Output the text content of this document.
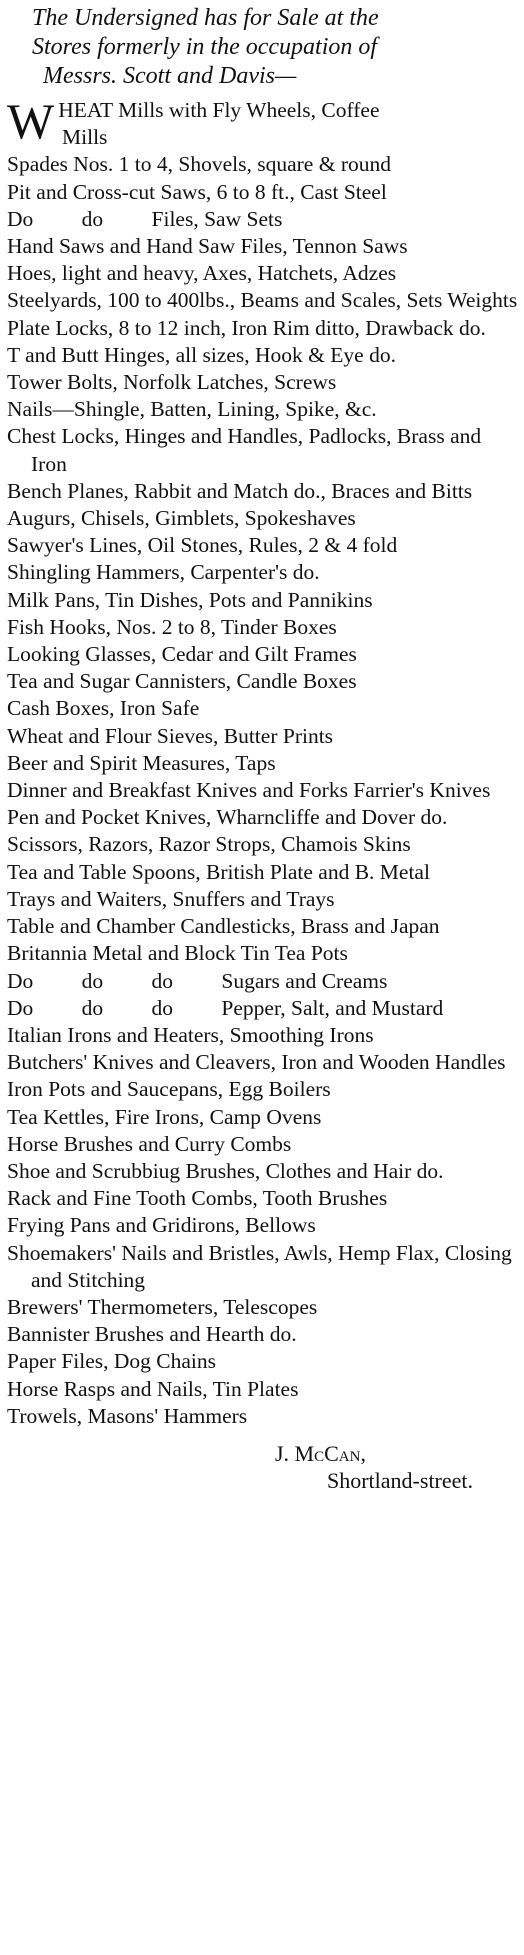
The Undersigned has for Sale at the
Stores formerly in the occupation of
Messrs. Scott and Davis—
W HEAT Mills with Fly Wheels, Coffee
Mills
Spades Nos. 1 to 4, Shovels, square & round
Pit and Cross-cut Saws, 6 to 8 ft., Cast Steel
Do         do         Files, Saw Sets
Hand Saws and Hand Saw Files, Tennon Saws
Hoes, light and heavy, Axes, Hatchets, Adzes
Steelyards, 100 to 400lbs., Beams and Scales, Sets Weights
Plate Locks, 8 to 12 inch, Iron Rim ditto, Drawback do.
T and Butt Hinges, all sizes, Hook & Eye do.
Tower Bolts, Norfolk Latches, Screws
Nails—Shingle, Batten, Lining, Spike, &c.
Chest Locks, Hinges and Handles, Padlocks, Brass and Iron
Bench Planes, Rabbit and Match do., Braces and Bitts
Augurs, Chisels, Gimblets, Spokeshaves
Sawyer's Lines, Oil Stones, Rules, 2 & 4 fold
Shingling Hammers, Carpenter's do.
Milk Pans, Tin Dishes, Pots and Pannikins
Fish Hooks, Nos. 2 to 8, Tinder Boxes
Looking Glasses, Cedar and Gilt Frames
Tea and Sugar Cannisters, Candle Boxes
Cash Boxes, Iron Safe
Wheat and Flour Sieves, Butter Prints
Beer and Spirit Measures, Taps
Dinner and Breakfast Knives and Forks Farrier's Knives
Pen and Pocket Knives, Wharncliffe and Dover do.
Scissors, Razors, Razor Strops, Chamois Skins
Tea and Table Spoons, British Plate and B. Metal
Trays and Waiters, Snuffers and Trays
Table and Chamber Candlesticks, Brass and Japan
Britannia Metal and Block Tin Tea Pots
Do         do         do         Sugars and Creams
Do         do         do         Pepper, Salt, and Mustard
Italian Irons and Heaters, Smoothing Irons
Butchers' Knives and Cleavers, Iron and Wooden Handles
Iron Pots and Saucepans, Egg Boilers
Tea Kettles, Fire Irons, Camp Ovens
Horse Brushes and Curry Combs
Shoe and Scrubbiug Brushes, Clothes and Hair do.
Rack and Fine Tooth Combs, Tooth Brushes
Frying Pans and Gridirons, Bellows
Shoemakers' Nails and Bristles, Awls, Hemp Flax, Closing and Stitching
Brewers' Thermometers, Telescopes
Bannister Brushes and Hearth do.
Paper Files, Dog Chains
Horse Rasps and Nails, Tin Plates
Trowels, Masons' Hammers
J. McCan,
Shortland-street.
